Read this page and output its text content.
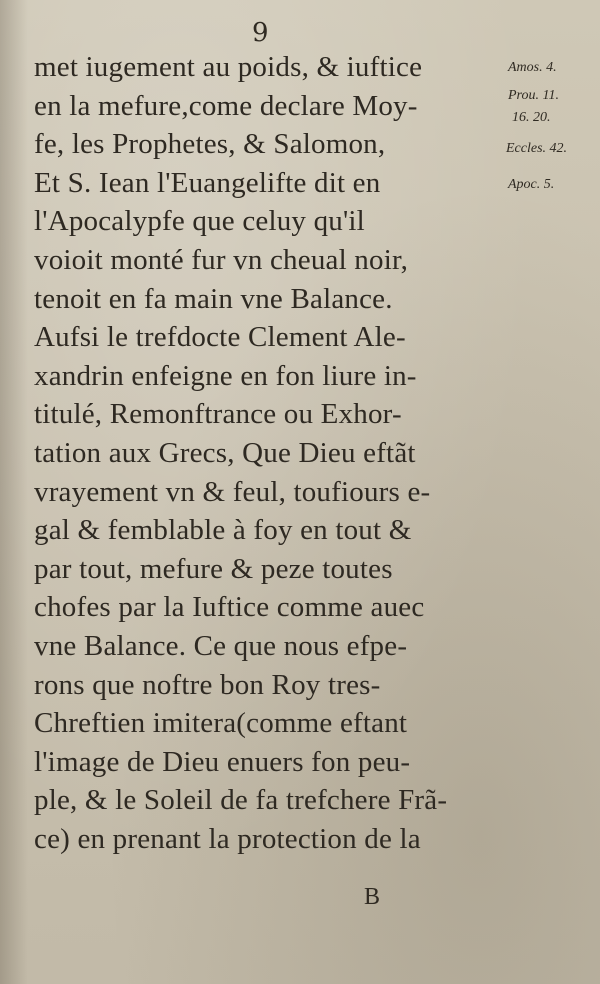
9
met iugement au poids, & iuftice
en la mefure,come declare Moy-
fe, les Prophetes, & Salomon,
Et S. Iean l'Euangelifte dit en
l'Apocalypfe que celuy qu'il
voioit monté fur vn cheual noir,
tenoit en fa main vne Balance.
Aufsi le trefdocte Clement Ale-
xandrin enfeigne en fon liure in-
titulé, Remonftrance ou Exhor-
tation aux Grecs, Que Dieu eftãt
vrayement vn & feul, toufiours e-
gal & femblable à foy en tout &
par tout, mefure & peze toutes
chofes par la Iuftice comme auec
vne Balance. Ce que nous efpe-
rons que noftre bon Roy tres-
Chreftien imitera(comme eftant
l'image de Dieu enuers fon peu-
ple, & le Soleil de fa trefchere Frã-
ce) en prenant la protection de la
Amos. 4.
Prou. 11.
16. 20.
Eccles. 42.
Apoc. 5.
B
